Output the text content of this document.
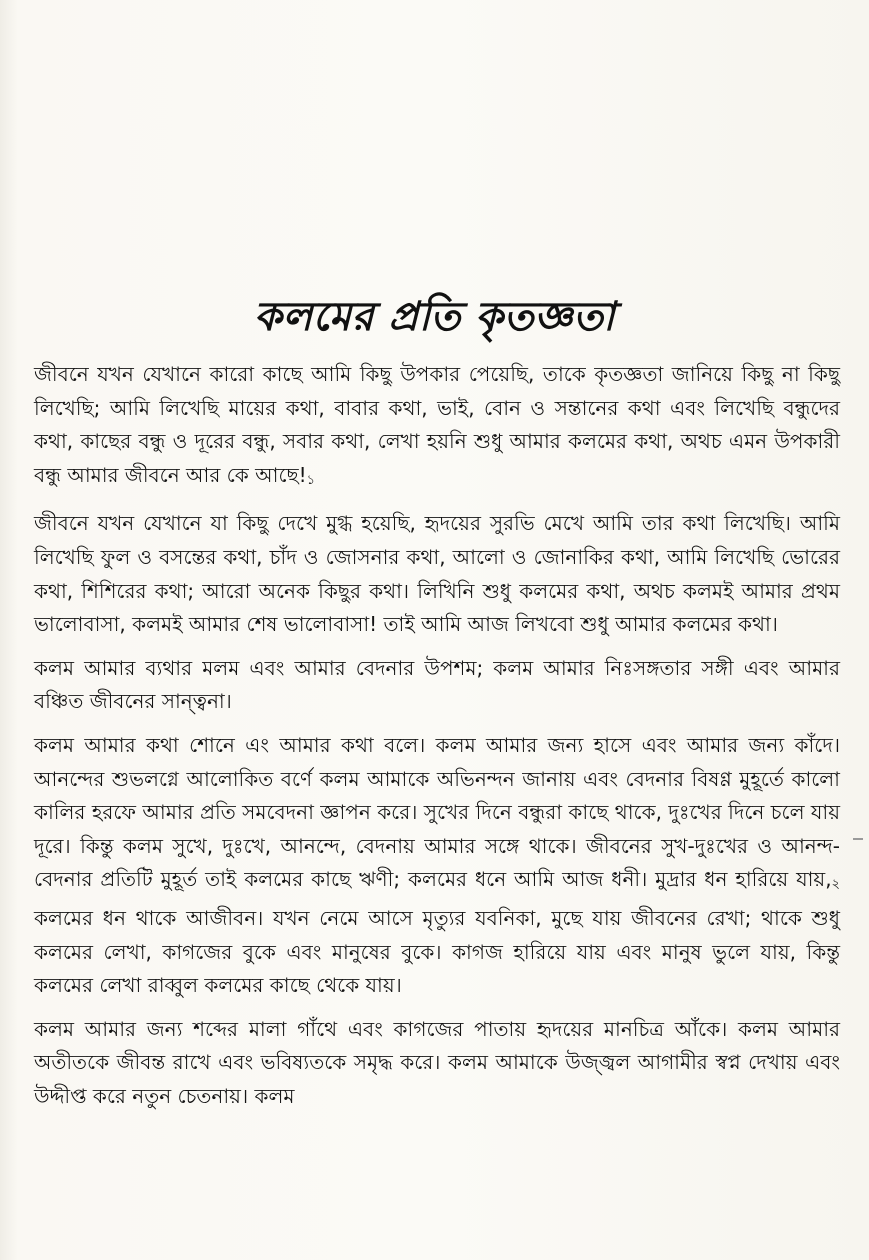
কলমের প্রতি কৃতজ্ঞতা

জীবনে যখন যেখানে কারো কাছে আমি কিছু উপকার পেয়েছি, তাকে কৃতজ্ঞতা জানিয়ে কিছু না কিছু লিখেছি; আমি লিখেছি মায়ের কথা, বাবার কথা, ভাই, বোন ও সন্তানের কথা এবং লিখেছি বন্ধুদের কথা, কাছের বন্ধু ও দূরের বন্ধু, সবার কথা, লেখা হয়নি শুধু আমার কলমের কথা, অথচ এমন উপকারী বন্ধু আমার জীবনে আর কে আছে!১

জীবনে যখন যেখানে যা কিছু দেখে মুগ্ধ হয়েছি, হৃদয়ের সুরভি মেখে আমি তার কথা লিখেছি। আমি লিখেছি ফুল ও বসন্তের কথা, চাঁদ ও জোসনার কথা, আলো ও জোনাকির কথা, আমি লিখেছি ভোরের কথা, শিশিরের কথা; আরো অনেক কিছুর কথা। লিখিনি শুধু কলমের কথা, অথচ কলমই আমার প্রথম ভালোবাসা, কলমই আমার শেষ ভালোবাসা! তাই আমি আজ লিখবো শুধু আমার কলমের কথা।

কলম আমার ব্যথার মলম এবং আমার বেদনার উপশম; কলম আমার নিঃসঙ্গতার সঙ্গী এবং আমার বঞ্চিত জীবনের সান্ত্বনা।

কলম আমার কথা শোনে এং আমার কথা বলে। কলম আমার জন্য হাসে এবং আমার জন্য কাঁদে। আনন্দের শুভলগ্নে আলোকিত বর্ণে কলম আমাকে অভিনন্দন জানায় এবং বেদনার বিষণ্ণ মুহূর্তে কালো কালির হরফে আমার প্রতি সমবেদনা জ্ঞাপন করে। সুখের দিনে বন্ধুরা কাছে থাকে, দুঃখের দিনে চলে যায় দূরে। কিন্তু কলম সুখে, দুঃখে, আনন্দে, বেদনায় আমার সঙ্গে থাকে। জীবনের সুখ-দুঃখের ও আনন্দ-বেদনার প্রতিটি মুহূর্ত তাই কলমের কাছে ঋণী; কলমের ধনে আমি আজ ধনী। মুদ্রার ধন হারিয়ে যায়,২ কলমের ধন থাকে আজীবন। যখন নেমে আসে মৃত্যুর যবনিকা, মুছে যায় জীবনের রেখা; থাকে শুধু কলমের লেখা, কাগজের বুকে এবং মানুষের বুকে। কাগজ হারিয়ে যায় এবং মানুষ ভুলে যায়, কিন্তু কলমের লেখা রাব্বুল কলমের কাছে থেকে যায়।

কলম আমার জন্য শব্দের মালা গাঁথে এবং কাগজের পাতায় হৃদয়ের মানচিত্র আঁকে। কলম আমার অতীতকে জীবন্ত রাখে এবং ভবিষ্যতকে সমৃদ্ধ করে। কলম আমাকে উজ্জ্বল আগামীর স্বপ্ন দেখায় এবং উদ্দীপ্ত করে নতুন চেতনায়। কলম
